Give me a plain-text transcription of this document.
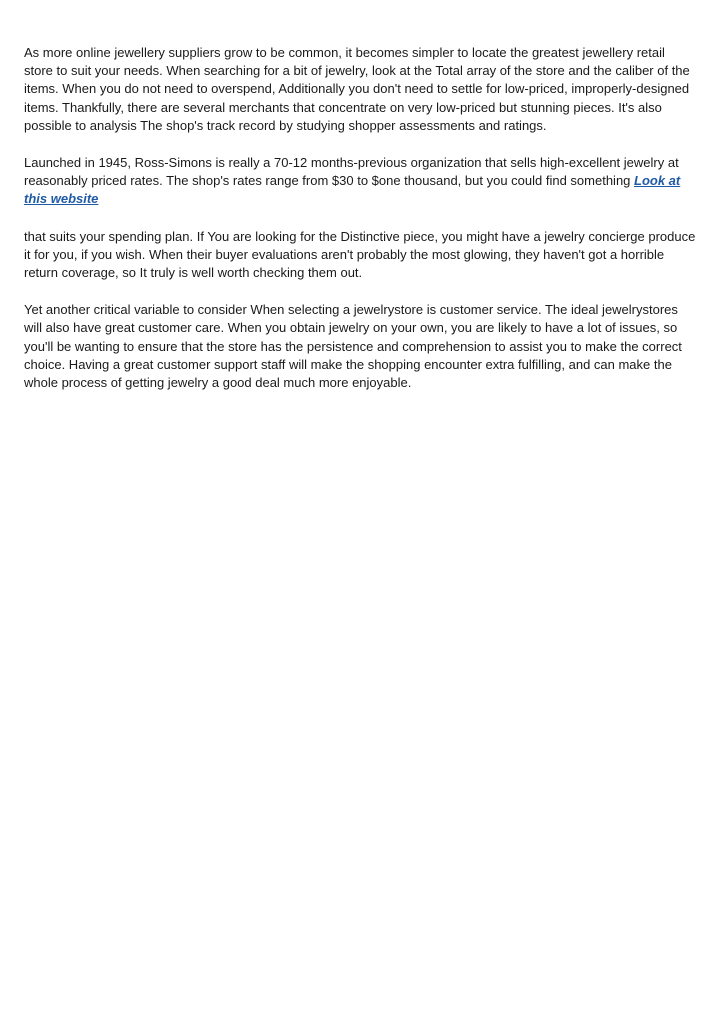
As more online jewellery suppliers grow to be common, it becomes simpler to locate the greatest jewellery retail store to suit your needs. When searching for a bit of jewelry, look at the Total array of the store and the caliber of the items. When you do not need to overspend, Additionally you don't need to settle for low-priced, improperly-designed items. Thankfully, there are several merchants that concentrate on very low-priced but stunning pieces. It's also possible to analysis The shop's track record by studying shopper assessments and ratings.

Launched in 1945, Ross-Simons is really a 70-12 months-previous organization that sells high-excellent jewelry at reasonably priced rates. The shop's rates range from $30 to $one thousand, but you could find something Look at this website

that suits your spending plan. If You are looking for the Distinctive piece, you might have a jewelry concierge produce it for you, if you wish. When their buyer evaluations aren't probably the most glowing, they haven't got a horrible return coverage, so It truly is well worth checking them out.

Yet another critical variable to consider When selecting a jewelrystore is customer service. The ideal jewelrystores will also have great customer care. When you obtain jewelry on your own, you are likely to have a lot of issues, so you'll be wanting to ensure that the store has the persistence and comprehension to assist you to make the correct choice. Having a great customer support staff will make the shopping encounter extra fulfilling, and can make the whole process of getting jewelry a good deal much more enjoyable.
